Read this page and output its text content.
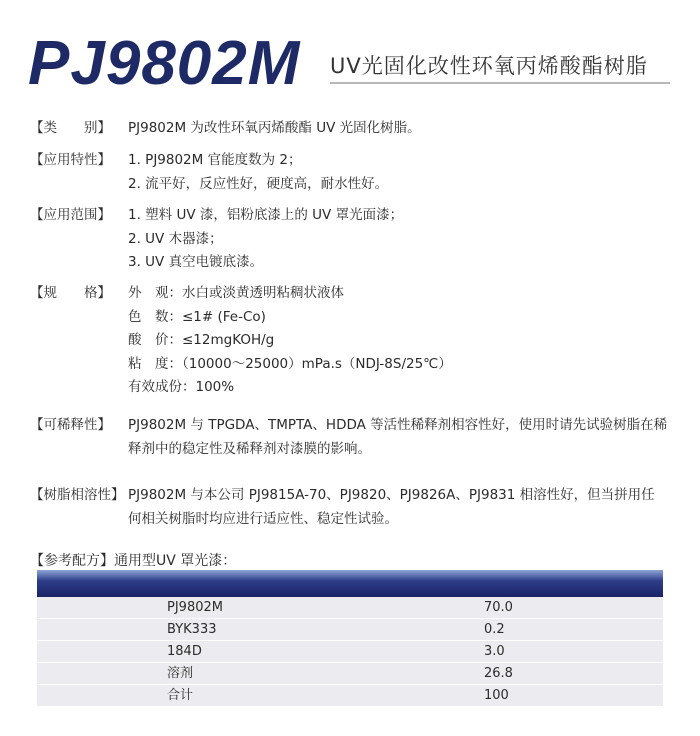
PJ9802M UV光固化改性环氧丙烯酸酯树脂
【类　　别】	PJ9802M 为改性环氧丙烯酸酯 UV 光固化树脂。
【应用特性】	1. PJ9802M 官能度数为 2；
2. 流平好，反应性好，硬度高，耐水性好。
【应用范围】	1. 塑料 UV 漆，铝粉底漆上的 UV 罩光面漆；
2. UV 木器漆；
3. UV 真空电镀底漆。
【规　　格】	外　观：水白或淡黄透明粘稠状液体
色　数：≤1# (Fe-Co)
酸　价：≤12mgKOH/g
粘　度：（10000～25000）mPa.s（NDJ-8S/25℃）
有效成份：100%
【可稀释性】	PJ9802M 与 TPGDA、TMPTA、HDDA 等活性稀释剂相容性好，使用时请先试验树脂在稀
释剂中的稳定性及稀释剂对漆膜的影响。
【树脂相溶性】 PJ9802M 与本公司 PJ9815A-70、PJ9820、PJ9826A、PJ9831 相溶性好，但当拼用任
何相关树脂时均应进行适应性、稳定性试验。
【参考配方】通用型UV 罩光漆：
PJ9802M	70.0
BYK333	0.2
184D	3.0
溶剂	26.8
合计	100
